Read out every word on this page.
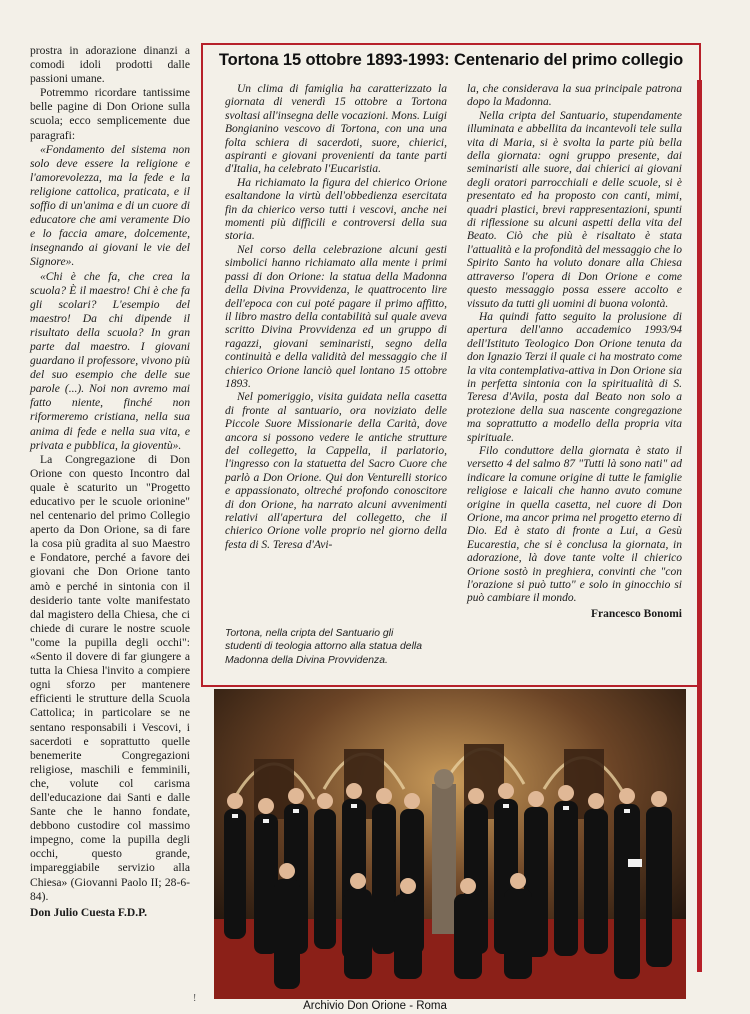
prostra in adorazione dinanzi a comodi idoli prodotti dalle passioni umane.

Potremmo ricordare tantissime belle pagine di Don Orione sulla scuola; ecco semplicemente due paragrafi:

«Fondamento del sistema non solo deve essere la religione e l'amorevolezza, ma la fede e la religione cattolica, praticata, e il soffio di un'anima e di un cuore di educatore che ami veramente Dio e lo faccia amare, dolcemente, insegnando ai giovani le vie del Signore».

«Chi è che fa, che crea la scuola? È il maestro! Chi è che fa gli scolari? L'esempio del maestro! Da chi dipende il risultato della scuola? In gran parte dal maestro. I giovani guardano il professore, vivono più del suo esempio che delle sue parole (...). Noi non avremo mai fatto niente, finché non riformeremo cristiana, nella sua anima di fede e nella sua vita, e privata e pubblica, la gioventù».

La Congregazione di Don Orione con questo Incontro dal quale è scaturito un "Progetto educativo per le scuole orionine" nel centenario del primo Collegio aperto da Don Orione, sa di fare la cosa più gradita al suo Maestro e Fondatore, perché a favore dei giovani che Don Orione tanto amò e perché in sintonia con il desiderio tante volte manifestato dal magistero della Chiesa, che ci chiede di curare le nostre scuole "come la pupilla degli occhi": «Sento il dovere di far giungere a tutta la Chiesa l'invito a compiere ogni sforzo per mantenere efficienti le strutture della Scuola Cattolica; in particolare se ne sentano responsabili i Vescovi, i sacerdoti e soprattutto quelle benemerite Congregazioni religiose, maschili e femminili, che, volute col carisma dell'educazione dai Santi e dalle Sante che le hanno fondate, debbono custodire col massimo impegno, come la pupilla degli occhi, questo grande, impareggiabile servizio alla Chiesa» (Giovanni Paolo II; 28-6-84).

Don Julio Cuesta F.D.P.

Tortona 15 ottobre 1893-1993: Centenario del primo collegio

Un clima di famiglia ha caratterizzato la giornata di venerdì 15 ottobre a Tortona svoltasi all'insegna delle vocazioni. Mons. Luigi Bongianino vescovo di Tortona, con una una folta schiera di sacerdoti, suore, chierici, aspiranti e giovani provenienti da tante parti d'Italia, ha celebrato l'Eucaristia.

Ha richiamato la figura del chierico Orione esaltandone la virtù dell'obbedienza esercitata fin da chierico verso tutti i vescovi, anche nei momenti più difficili e controversi della sua storia.

Nel corso della celebrazione alcuni gesti simbolici hanno richiamato alla mente i primi passi di don Orione: la statua della Madonna della Divina Provvidenza, le quattrocento lire dell'epoca con cui poté pagare il primo affitto, il libro mastro della contabilità sul quale aveva scritto Divina Provvidenza ed un gruppo di ragazzi, giovani seminaristi, segno della continuità e della validità del messaggio che il chierico Orione lanciò quel lontano 15 ottobre 1893.

Nel pomeriggio, visita guidata nella casetta di fronte al santuario, ora noviziato delle Piccole Suore Missionarie della Carità, dove ancora si possono vedere le antiche strutture del collegetto, la Cappella, il parlatorio, l'ingresso con la statuetta del Sacro Cuore che parlò a Don Orione. Qui don Venturelli storico e appassionato, oltreché profondo conoscitore di don Orione, ha narrato alcuni avvenimenti relativi all'apertura del collegetto, che il chierico Orione volle proprio nel giorno della festa di S. Teresa d'Avi-

la, che considerava la sua principale patrona dopo la Madonna.

Nella cripta del Santuario, stupendamente illuminata e abbellita da incantevoli tele sulla vita di Maria, si è svolta la parte più bella della giornata: ogni gruppo presente, dai seminaristi alle suore, dai chierici ai giovani degli oratori parrocchiali e delle scuole, si è presentato ed ha proposto con canti, mimi, quadri plastici, brevi rappresentazioni, spunti di riflessione su alcuni aspetti della vita del Beato. Ciò che più è risaltato è stata l'attualità e la profondità del messaggio che lo Spirito Santo ha voluto donare alla Chiesa attraverso l'opera di Don Orione e come questo messaggio possa essere accolto e vissuto da tutti gli uomini di buona volontà.

Ha quindi fatto seguito la prolusione di apertura dell'anno accademico 1993/94 dell'Istituto Teologico Don Orione tenuta da don Ignazio Terzi il quale ci ha mostrato come la vita contemplativa-attiva in Don Orione sia in perfetta sintonia con la spiritualità di S. Teresa d'Avila, posta dal Beato non solo a protezione della sua nascente congregazione ma soprattutto a modello della propria vita spirituale.

Filo conduttore della giornata è stato il versetto 4 del salmo 87 "Tutti là sono nati" ad indicare la comune origine di tutte le famiglie religiose e laicali che hanno avuto comune origine in quella casetta, nel cuore di Don Orione, ma ancor prima nel progetto eterno di Dio. Ed è stato di fronte a Lui, a Gesù Eucarestia, che si è conclusa la giornata, in adorazione, là dove tante volte il chierico Orione sostò in preghiera, convinti che "con l'orazione si può tutto" e solo in ginocchio si può cambiare il mondo.

Francesco Bonomi
Tortona, nella cripta del Santuario gli studenti di teologia attorno alla statua della Madonna della Divina Provvidenza.
!
Archivio Don Orione - Roma
